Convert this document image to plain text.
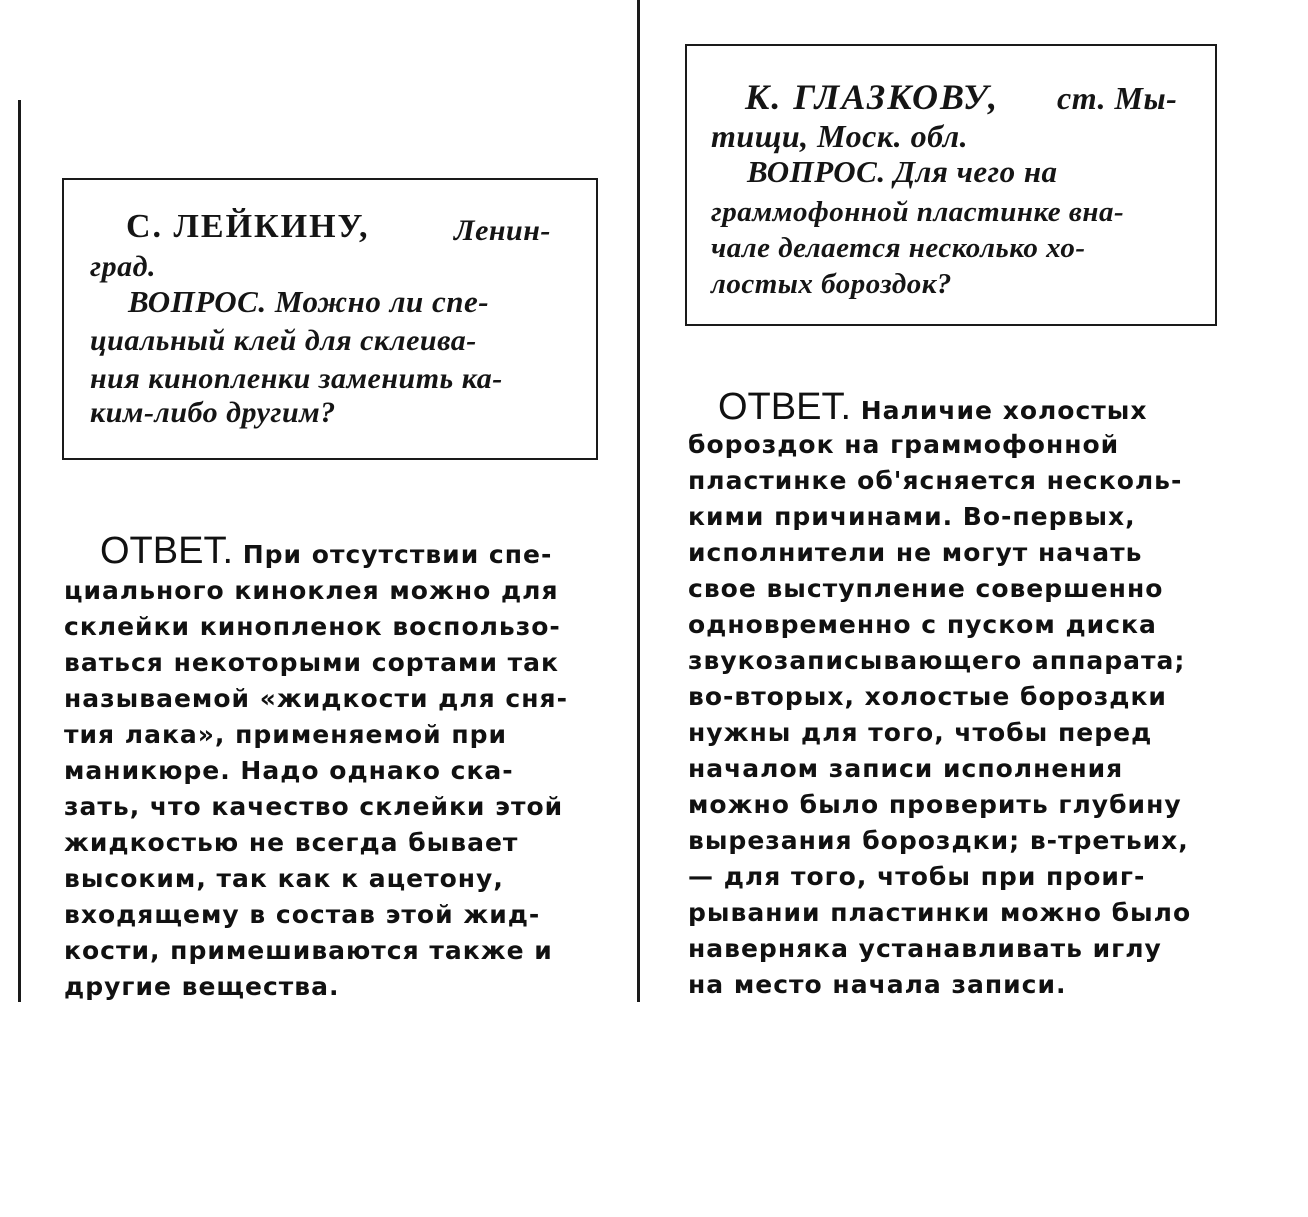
С. ЛЕЙКИНУ,	Ленин-
град.
ВОПРОС. Можно ли спе-
циальный клей для склеива-
ния кинопленки заменить ка-
ким-либо другим?
ОТВЕТ. При отсутствии спе-
циального киноклея можно для
склейки кинопленок воспользо-
ваться некоторыми сортами так
называемой «жидкости для сня-
тия лака», применяемой при
маникюре. Надо однако ска-
зать, что качество склейки этой
жидкостью не всегда бывает
высоким, так как к ацетону,
входящему в состав этой жид-
кости, примешиваются также и
другие вещества.
К. ГЛАЗКОВУ, ст. Мы-
тищи, Моск. обл.
ВОПРОС. Для чего на
граммофонной пластинке вна-
чале делается несколько хо-
лостых бороздок?
ОТВЕТ. Наличие холостых
бороздок на граммофонной
пластинке об'ясняется несколь-
кими причинами. Во-первых,
исполнители не могут начать
свое выступление совершенно
одновременно с пуском диска
звукозаписывающего аппарата;
во-вторых, холостые бороздки
нужны для того, чтобы перед
началом записи исполнения
можно было проверить глубину
вырезания бороздки; в-третьих,
— для того, чтобы при проиг-
рывании пластинки можно было
наверняка устанавливать иглу
на место начала записи.
